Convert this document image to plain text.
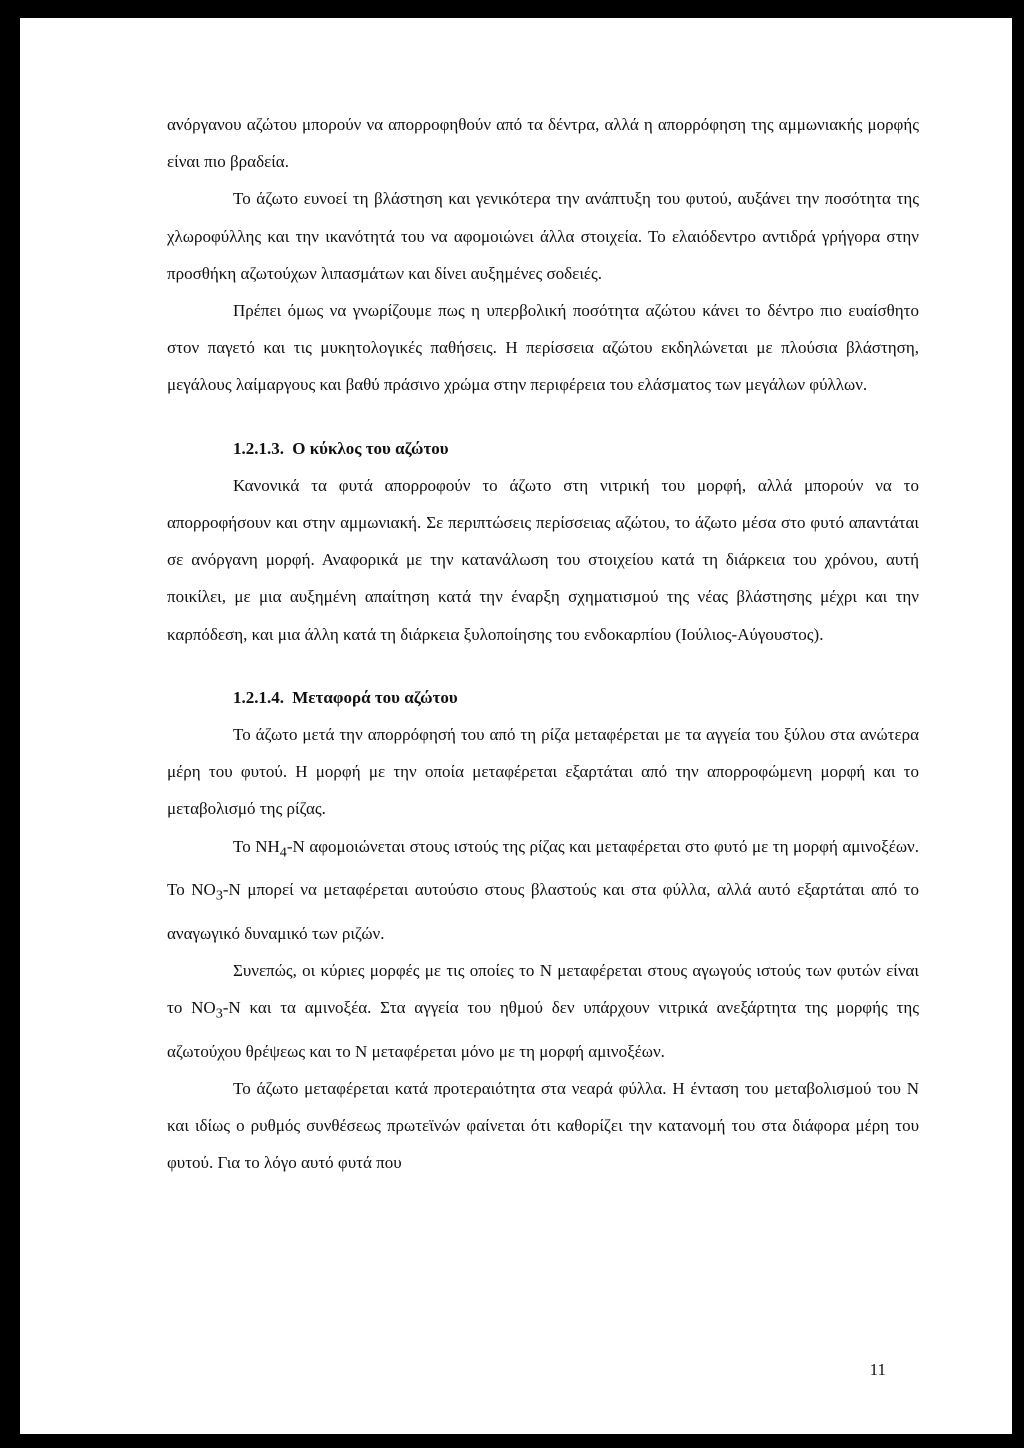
ανόργανου αζώτου μπορούν να απορροφηθούν από τα δέντρα, αλλά η απορρόφηση της αμμωνιακής μορφής είναι πιο βραδεία.

Το άζωτο ευνοεί τη βλάστηση και γενικότερα την ανάπτυξη του φυτού, αυξάνει την ποσότητα της χλωροφύλλης και την ικανότητά του να αφομοιώνει άλλα στοιχεία. Το ελαιόδεντρο αντιδρά γρήγορα στην προσθήκη αζωτούχων λιπασμάτων και δίνει αυξημένες σοδειές.

Πρέπει όμως να γνωρίζουμε πως η υπερβολική ποσότητα αζώτου κάνει το δέντρο πιο ευαίσθητο στον παγετό και τις μυκητολογικές παθήσεις. Η περίσσεια αζώτου εκδηλώνεται με πλούσια βλάστηση, μεγάλους λαίμαργους και βαθύ πράσινο χρώμα στην περιφέρεια του ελάσματος των μεγάλων φύλλων.

1.2.1.3. Ο κύκλος του αζώτου

Κανονικά τα φυτά απορροφούν το άζωτο στη νιτρική του μορφή, αλλά μπορούν να το απορροφήσουν και στην αμμωνιακή. Σε περιπτώσεις περίσσειας αζώτου, το άζωτο μέσα στο φυτό απαντάται σε ανόργανη μορφή. Αναφορικά με την κατανάλωση του στοιχείου κατά τη διάρκεια του χρόνου, αυτή ποικίλει, με μια αυξημένη απαίτηση κατά την έναρξη σχηματισμού της νέας βλάστησης μέχρι και την καρπόδεση, και μια άλλη κατά τη διάρκεια ξυλοποίησης του ενδοκαρπίου (Ιούλιος-Αύγουστος).

1.2.1.4. Μεταφορά του αζώτου

Το άζωτο μετά την απορρόφησή του από τη ρίζα μεταφέρεται με τα αγγεία του ξύλου στα ανώτερα μέρη του φυτού. Η μορφή με την οποία μεταφέρεται εξαρτάται από την απορροφώμενη μορφή και το μεταβολισμό της ρίζας.

Το $NH_4-N$ αφομοιώνεται στους ιστούς της ρίζας και μεταφέρεται στο φυτό με τη μορφή αμινοξέων. Το $NO_3-N$ μπορεί να μεταφέρεται αυτούσιο στους βλαστούς και στα φύλλα, αλλά αυτό εξαρτάται από το αναγωγικό δυναμικό των ριζών.

Συνεπώς, οι κύριες μορφές με τις οποίες το Ν μεταφέρεται στους αγωγούς ιστούς των φυτών είναι το $NO_3-N$ και τα αμινοξέα. Στα αγγεία του ηθμού δεν υπάρχουν νιτρικά ανεξάρτητα της μορφής της αζωτούχου θρέψεως και το Ν μεταφέρεται μόνο με τη μορφή αμινοξέων.

Το άζωτο μεταφέρεται κατά προτεραιότητα στα νεαρά φύλλα. Η ένταση του μεταβολισμού του Ν και ιδίως ο ρυθμός συνθέσεως πρωτεϊνών φαίνεται ότι καθορίζει την κατανομή του στα διάφορα μέρη του φυτού. Για το λόγο αυτό φυτά που

11
